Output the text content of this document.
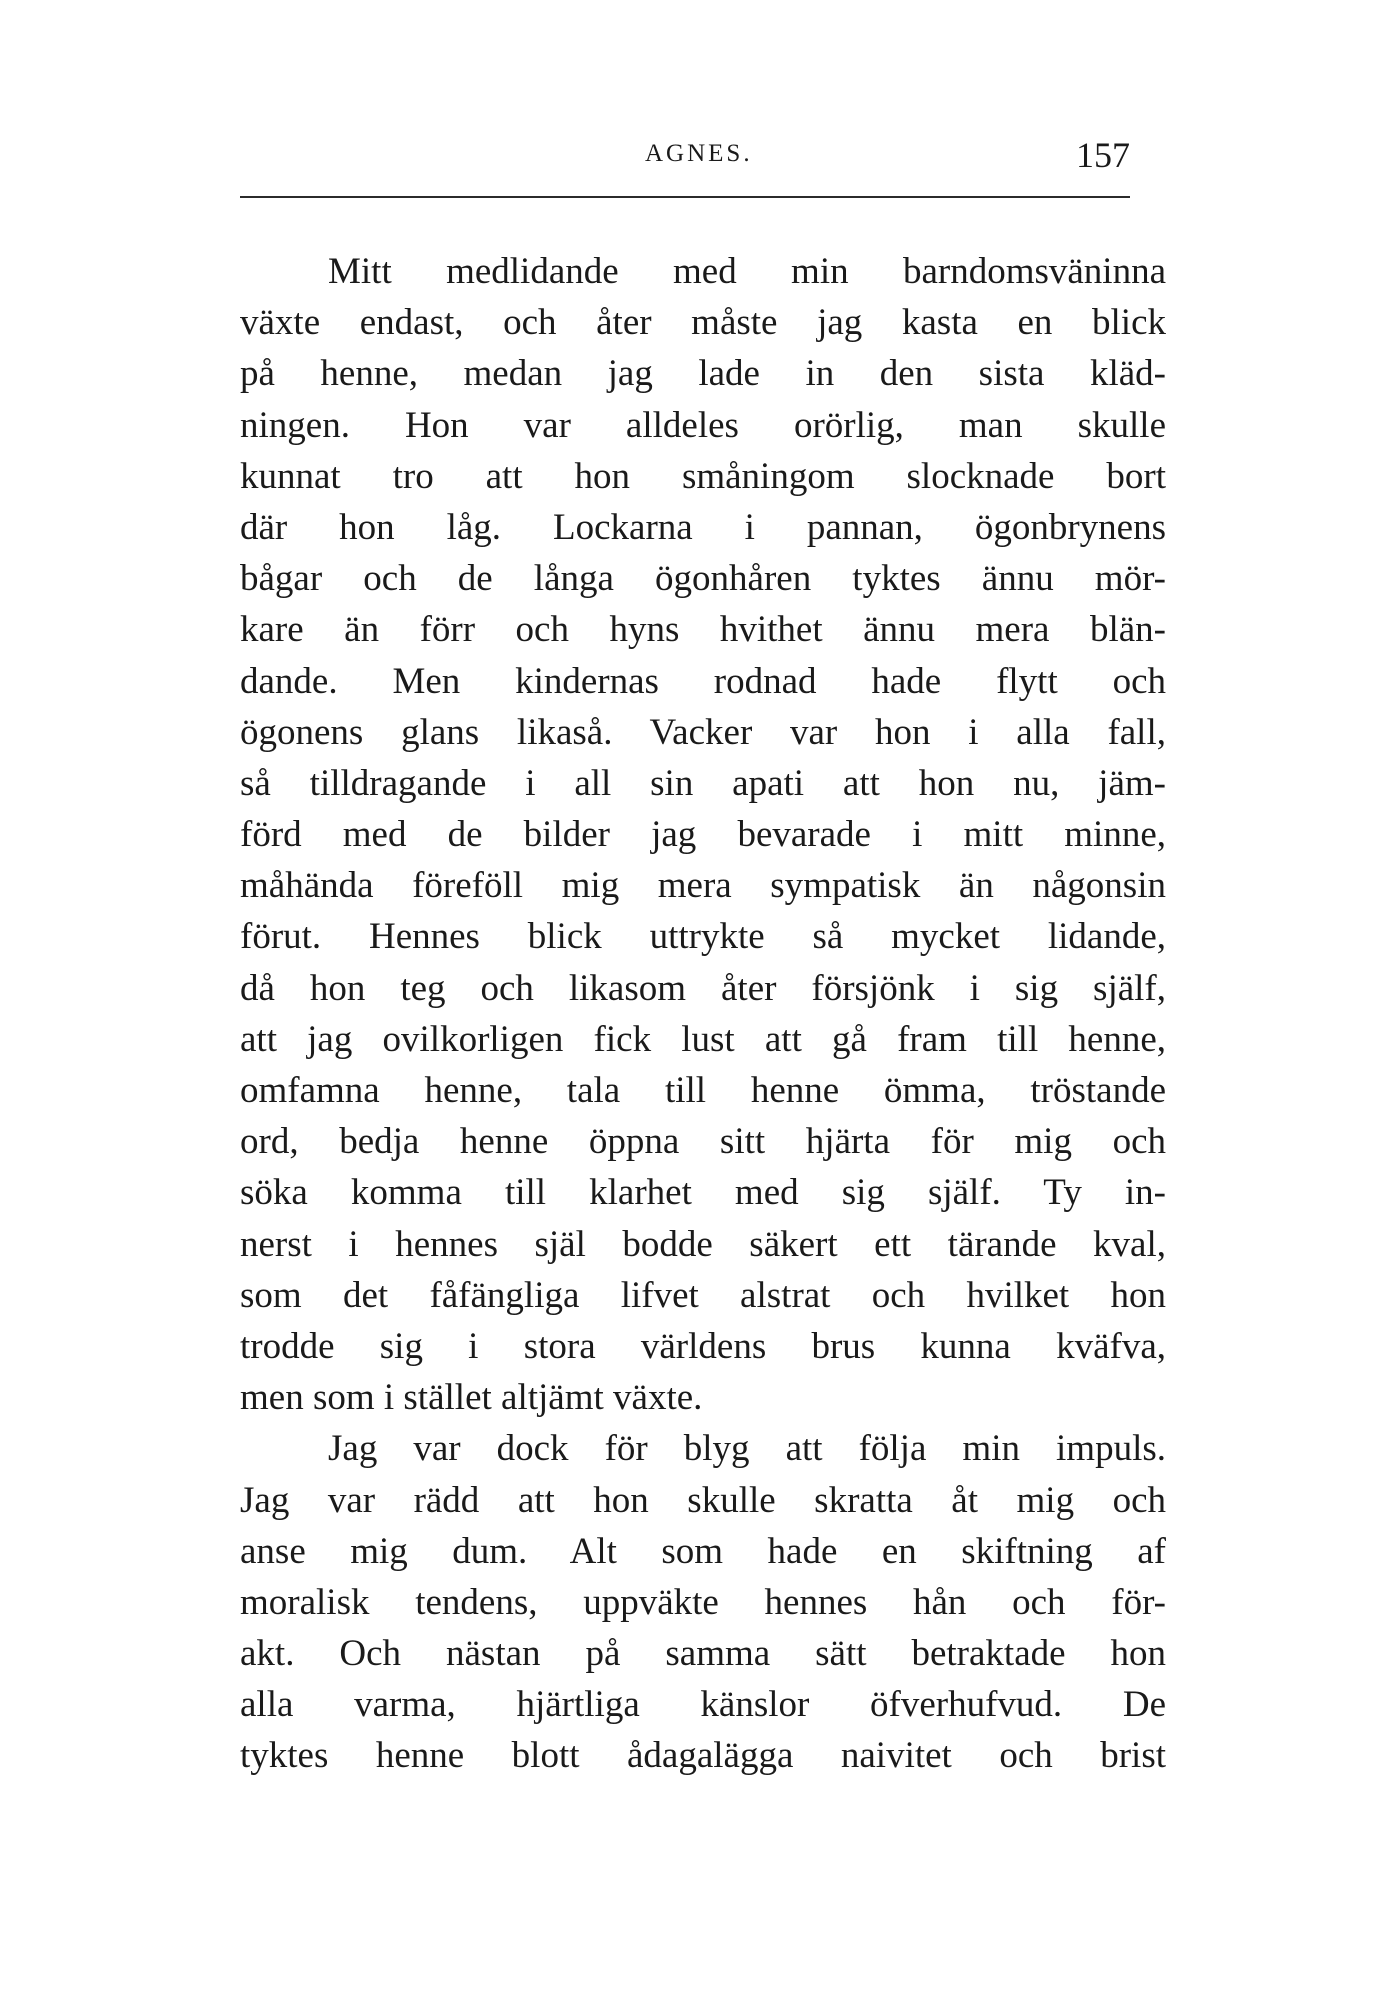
AGNES.	157
Mitt medlidande med min barndomsväninna
växte endast, och åter måste jag kasta en blick
på henne, medan jag lade in den sista kläd-
ningen. Hon var alldeles orörlig, man skulle
kunnat tro att hon småningom slocknade bort
där hon låg. Lockarna i pannan, ögonbrynens
bågar och de långa ögonhåren tyktes ännu mör-
kare än förr och hyns hvithet ännu mera blän-
dande. Men kindernas rodnad hade flytt och
ögonens glans likaså. Vacker var hon i alla fall,
så tilldragande i all sin apati att hon nu, jäm-
förd med de bilder jag bevarade i mitt minne,
måhända föreföll mig mera sympatisk än någonsin
förut. Hennes blick uttrykte så mycket lidande,
då hon teg och likasom åter försjönk i sig själf,
att jag ovilkorligen fick lust att gå fram till henne,
omfamna henne, tala till henne ömma, tröstande
ord, bedja henne öppna sitt hjärta för mig och
söka komma till klarhet med sig själf. Ty in-
nerst i hennes själ bodde säkert ett tärande kval,
som det fåfängliga lifvet alstrat och hvilket hon
trodde sig i stora världens brus kunna kväfva,
men som i stället altjämt växte.
Jag var dock för blyg att följa min impuls.
Jag var rädd att hon skulle skratta åt mig och
anse mig dum. Alt som hade en skiftning af
moralisk tendens, uppväkte hennes hån och för-
akt. Och nästan på samma sätt betraktade hon
alla varma, hjärtliga känslor öfverhufvud. De
tyktes henne blott ådagalägga naivitet och brist
